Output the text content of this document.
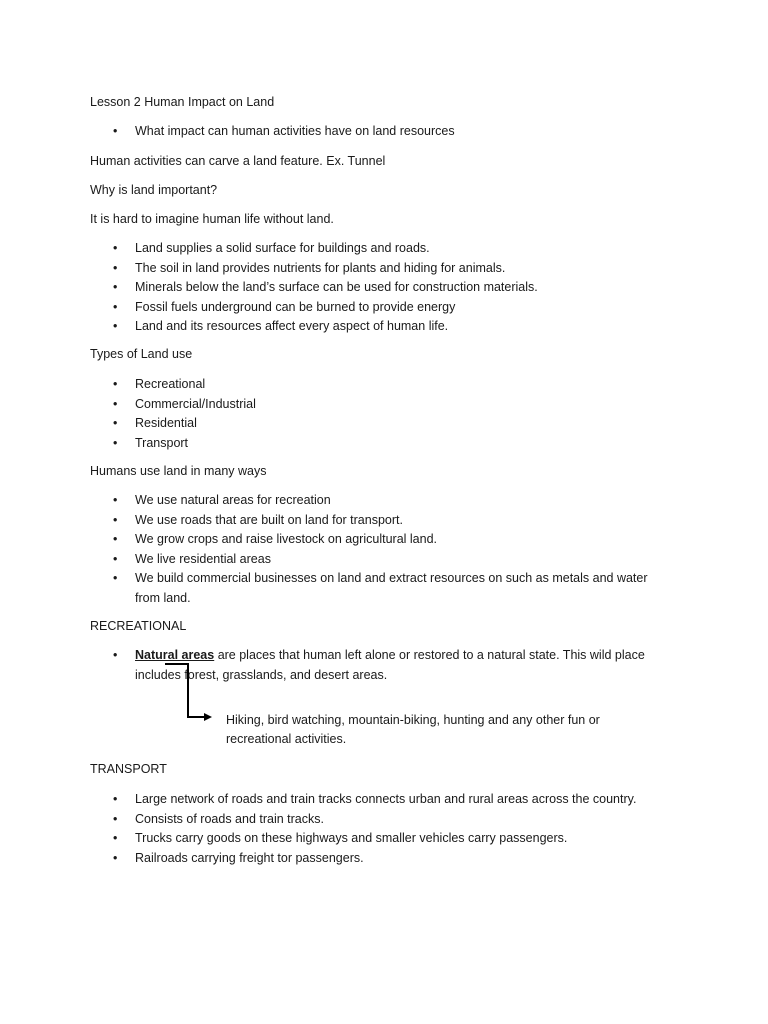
Lesson 2 Human Impact on Land
• What impact can human activities have on land resources
Human activities can carve a land feature. Ex. Tunnel
Why is land important?
It is hard to imagine human life without land.
• Land supplies a solid surface for buildings and roads.
• The soil in land provides nutrients for plants and hiding for animals.
• Minerals below the land’s surface can be used for construction materials.
• Fossil fuels underground can be burned to provide energy
• Land and its resources affect every aspect of human life.
Types of Land use
• Recreational
• Commercial/Industrial
• Residential
• Transport
Humans use land in many ways
• We use natural areas for recreation
• We use roads that are built on land for transport.
• We grow crops and raise livestock on agricultural land.
• We live residential areas
• We build commercial businesses on land and extract resources on such as metals and water from land.
RECREATIONAL
• Natural areas are places that human left alone or restored to a natural state. This wild place includes forest, grasslands, and desert areas.
Hiking, bird watching, mountain-biking, hunting and any other fun or recreational activities.
TRANSPORT
• Large network of roads and train tracks connects urban and rural areas across the country.
• Consists of roads and train tracks.
• Trucks carry goods on these highways and smaller vehicles carry passengers.
• Railroads carrying freight tor passengers.
